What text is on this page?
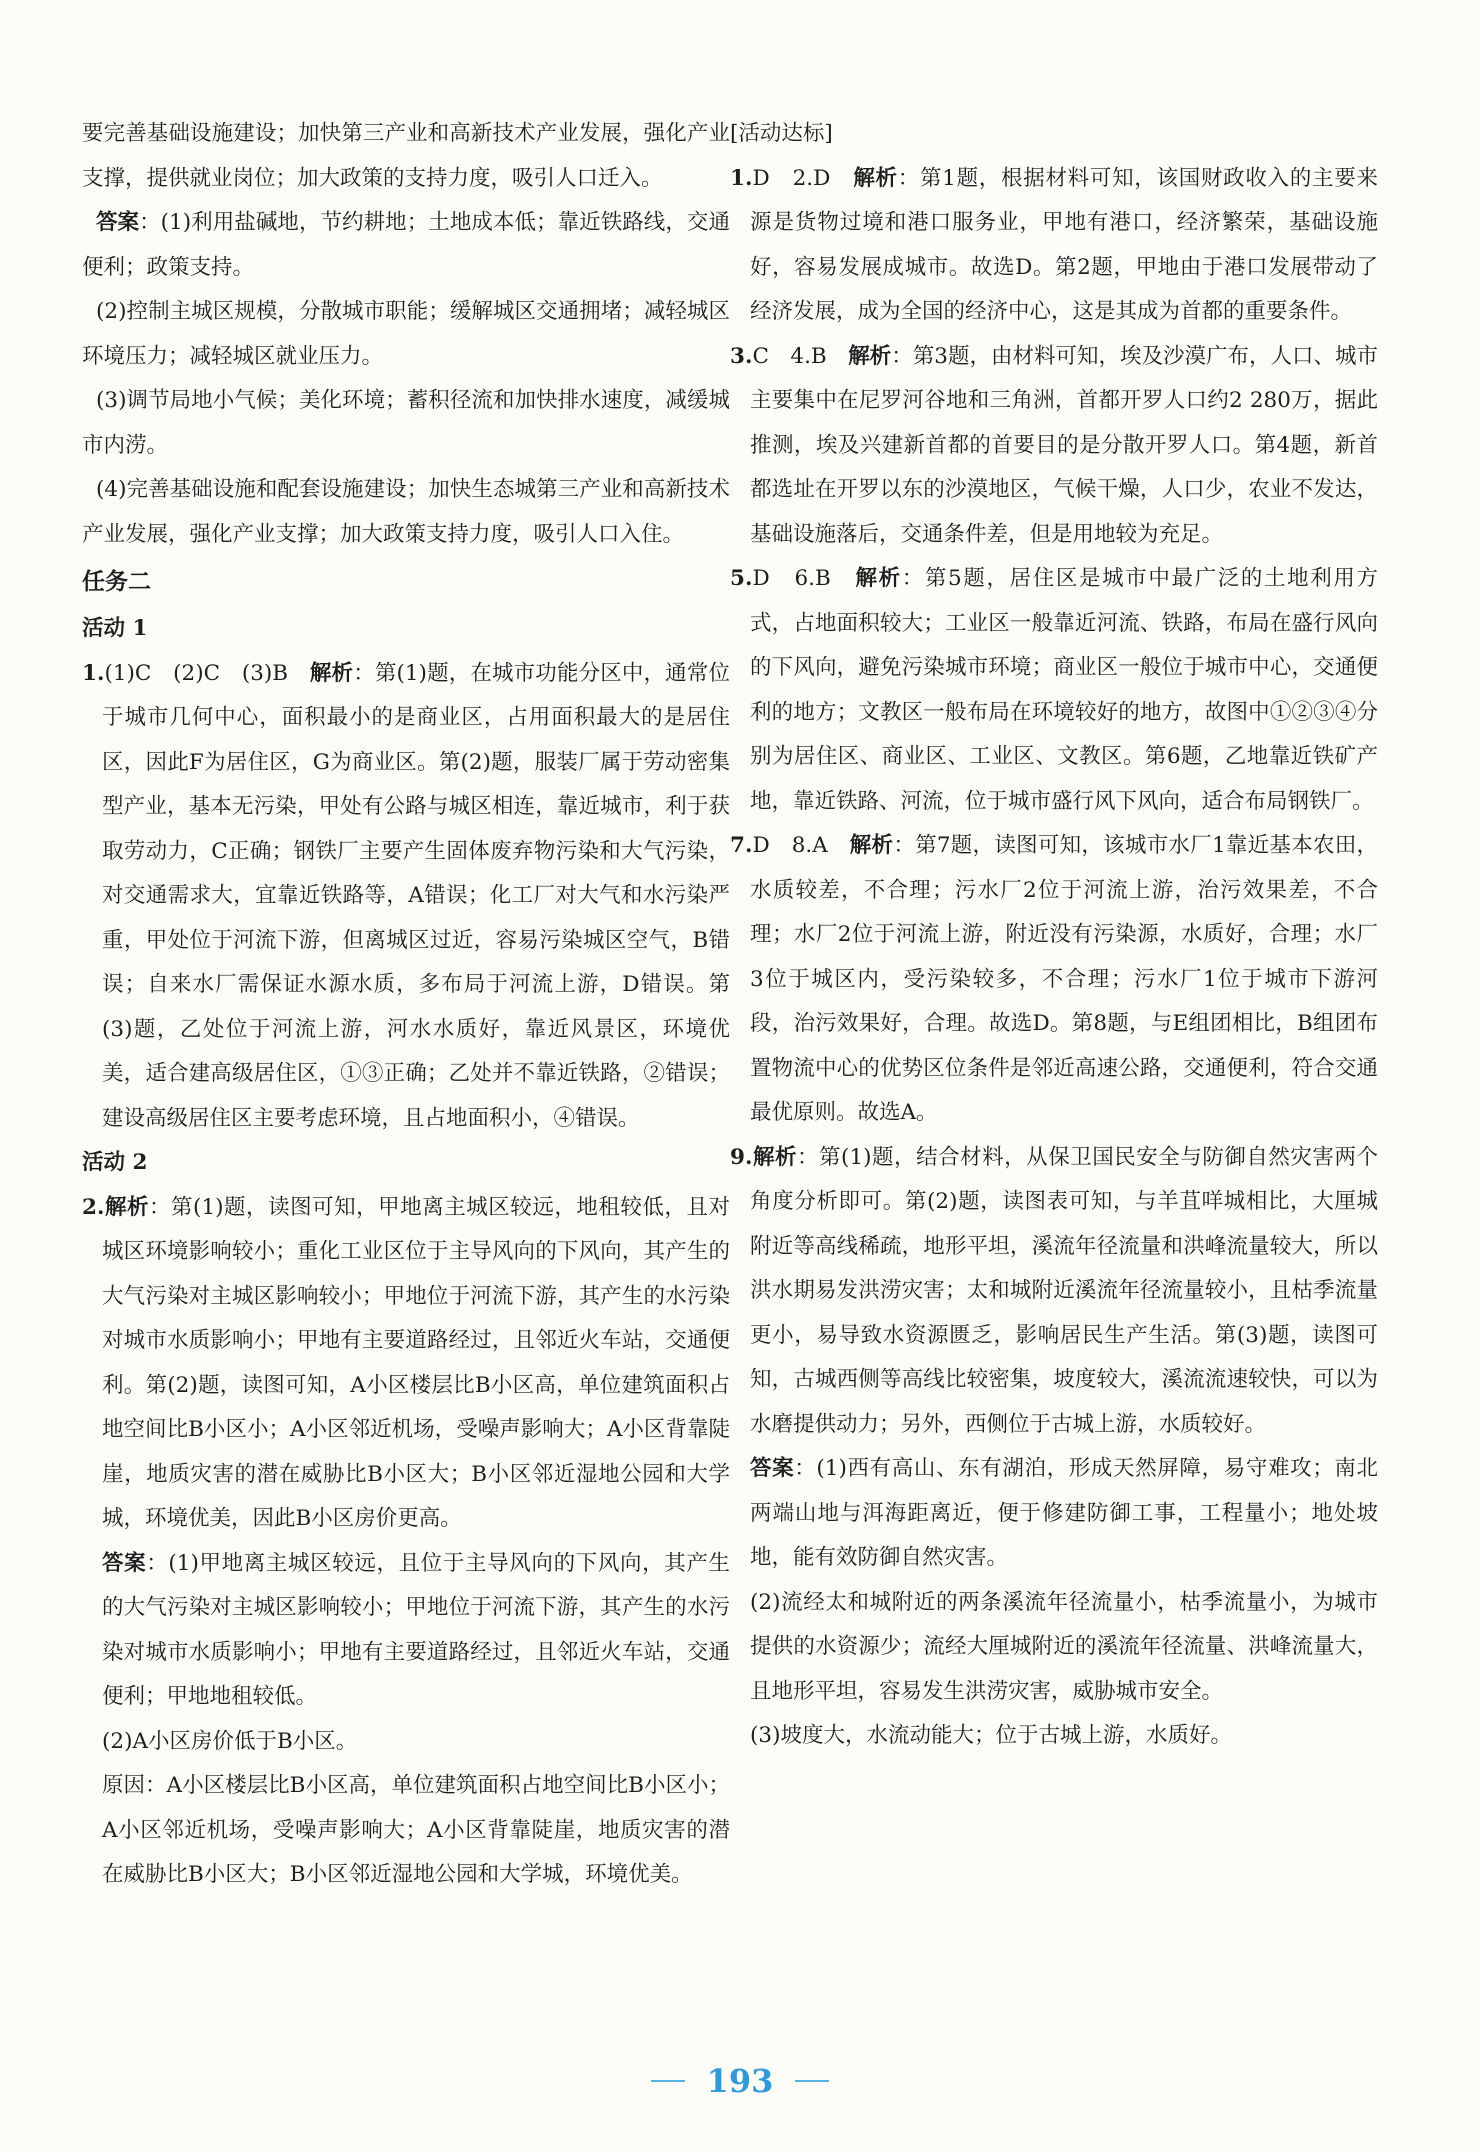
要完善基础设施建设；加快第三产业和高新技术产业发展，强化产业支撑，提供就业岗位；加大政策的支持力度，吸引人口迁入。

答案：(1)利用盐碱地，节约耕地；土地成本低；靠近铁路线，交通便利；政策支持。

(2)控制主城区规模，分散城市职能；缓解城区交通拥堵；减轻城区环境压力；减轻城区就业压力。

(3)调节局地小气候；美化环境；蓄积径流和加快排水速度，减缓城市内涝。

(4)完善基础设施和配套设施建设；加快生态城第三产业和高新技术产业发展，强化产业支撑；加大政策支持力度，吸引人口入住。

任务二

活动 1

1.(1)C　(2)C　(3)B　解析：第(1)题，在城市功能分区中，通常位于城市几何中心，面积最小的是商业区，占用面积最大的是居住区，因此F为居住区，G为商业区。第(2)题，服装厂属于劳动密集型产业，基本无污染，甲处有公路与城区相连，靠近城市，利于获取劳动力，C正确；钢铁厂主要产生固体废弃物污染和大气污染，对交通需求大，宜靠近铁路等，A错误；化工厂对大气和水污染严重，甲处位于河流下游，但离城区过近，容易污染城区空气，B错误；自来水厂需保证水源水质，多布局于河流上游，D错误。第(3)题，乙处位于河流上游，河水水质好，靠近风景区，环境优美，适合建高级居住区，①③正确；乙处并不靠近铁路，②错误；建设高级居住区主要考虑环境，且占地面积小，④错误。

活动 2

2.解析：第(1)题，读图可知，甲地离主城区较远，地租较低，且对城区环境影响较小；重化工业区位于主导风向的下风向，其产生的大气污染对主城区影响较小；甲地位于河流下游，其产生的水污染对城市水质影响小；甲地有主要道路经过，且邻近火车站，交通便利。第(2)题，读图可知，A小区楼层比B小区高，单位建筑面积占地空间比B小区小；A小区邻近机场，受噪声影响大；A小区背靠陡崖，地质灾害的潜在威胁比B小区大；B小区邻近湿地公园和大学城，环境优美，因此B小区房价更高。

答案：(1)甲地离主城区较远，且位于主导风向的下风向，其产生的大气污染对主城区影响较小；甲地位于河流下游，其产生的水污染对城市水质影响小；甲地有主要道路经过，且邻近火车站，交通便利；甲地地租较低。

(2)A小区房价低于B小区。

原因：A小区楼层比B小区高，单位建筑面积占地空间比B小区小；A小区邻近机场，受噪声影响大；A小区背靠陡崖，地质灾害的潜在威胁比B小区大；B小区邻近湿地公园和大学城，环境优美。

[活动达标]

1.D　2.D　解析：第1题，根据材料可知，该国财政收入的主要来源是货物过境和港口服务业，甲地有港口，经济繁荣，基础设施好，容易发展成城市。故选D。第2题，甲地由于港口发展带动了经济发展，成为全国的经济中心，这是其成为首都的重要条件。

3.C　4.B　解析：第3题，由材料可知，埃及沙漠广布，人口、城市主要集中在尼罗河谷地和三角洲，首都开罗人口约2 280万，据此推测，埃及兴建新首都的首要目的是分散开罗人口。第4题，新首都选址在开罗以东的沙漠地区，气候干燥，人口少，农业不发达，基础设施落后，交通条件差，但是用地较为充足。

5.D　6.B　解析：第5题，居住区是城市中最广泛的土地利用方式，占地面积较大；工业区一般靠近河流、铁路，布局在盛行风向的下风向，避免污染城市环境；商业区一般位于城市中心，交通便利的地方；文教区一般布局在环境较好的地方，故图中①②③④分别为居住区、商业区、工业区、文教区。第6题，乙地靠近铁矿产地，靠近铁路、河流，位于城市盛行风下风向，适合布局钢铁厂。

7.D　8.A　解析：第7题，读图可知，该城市水厂1靠近基本农田，水质较差，不合理；污水厂2位于河流上游，治污效果差，不合理；水厂2位于河流上游，附近没有污染源，水质好，合理；水厂3位于城区内，受污染较多，不合理；污水厂1位于城市下游河段，治污效果好，合理。故选D。第8题，与E组团相比，B组团布置物流中心的优势区位条件是邻近高速公路，交通便利，符合交通最优原则。故选A。

9.解析：第(1)题，结合材料，从保卫国民安全与防御自然灾害两个角度分析即可。第(2)题，读图表可知，与羊苴咩城相比，大厘城附近等高线稀疏，地形平坦，溪流年径流量和洪峰流量较大，所以洪水期易发洪涝灾害；太和城附近溪流年径流量较小，且枯季流量更小，易导致水资源匮乏，影响居民生产生活。第(3)题，读图可知，古城西侧等高线比较密集，坡度较大，溪流流速较快，可以为水磨提供动力；另外，西侧位于古城上游，水质较好。

答案：(1)西有高山、东有湖泊，形成天然屏障，易守难攻；南北两端山地与洱海距离近，便于修建防御工事，工程量小；地处坡地，能有效防御自然灾害。

(2)流经太和城附近的两条溪流年径流量小，枯季流量小，为城市提供的水资源少；流经大厘城附近的溪流年径流量、洪峰流量大，且地形平坦，容易发生洪涝灾害，威胁城市安全。

(3)坡度大，水流动能大；位于古城上游，水质好。

193
